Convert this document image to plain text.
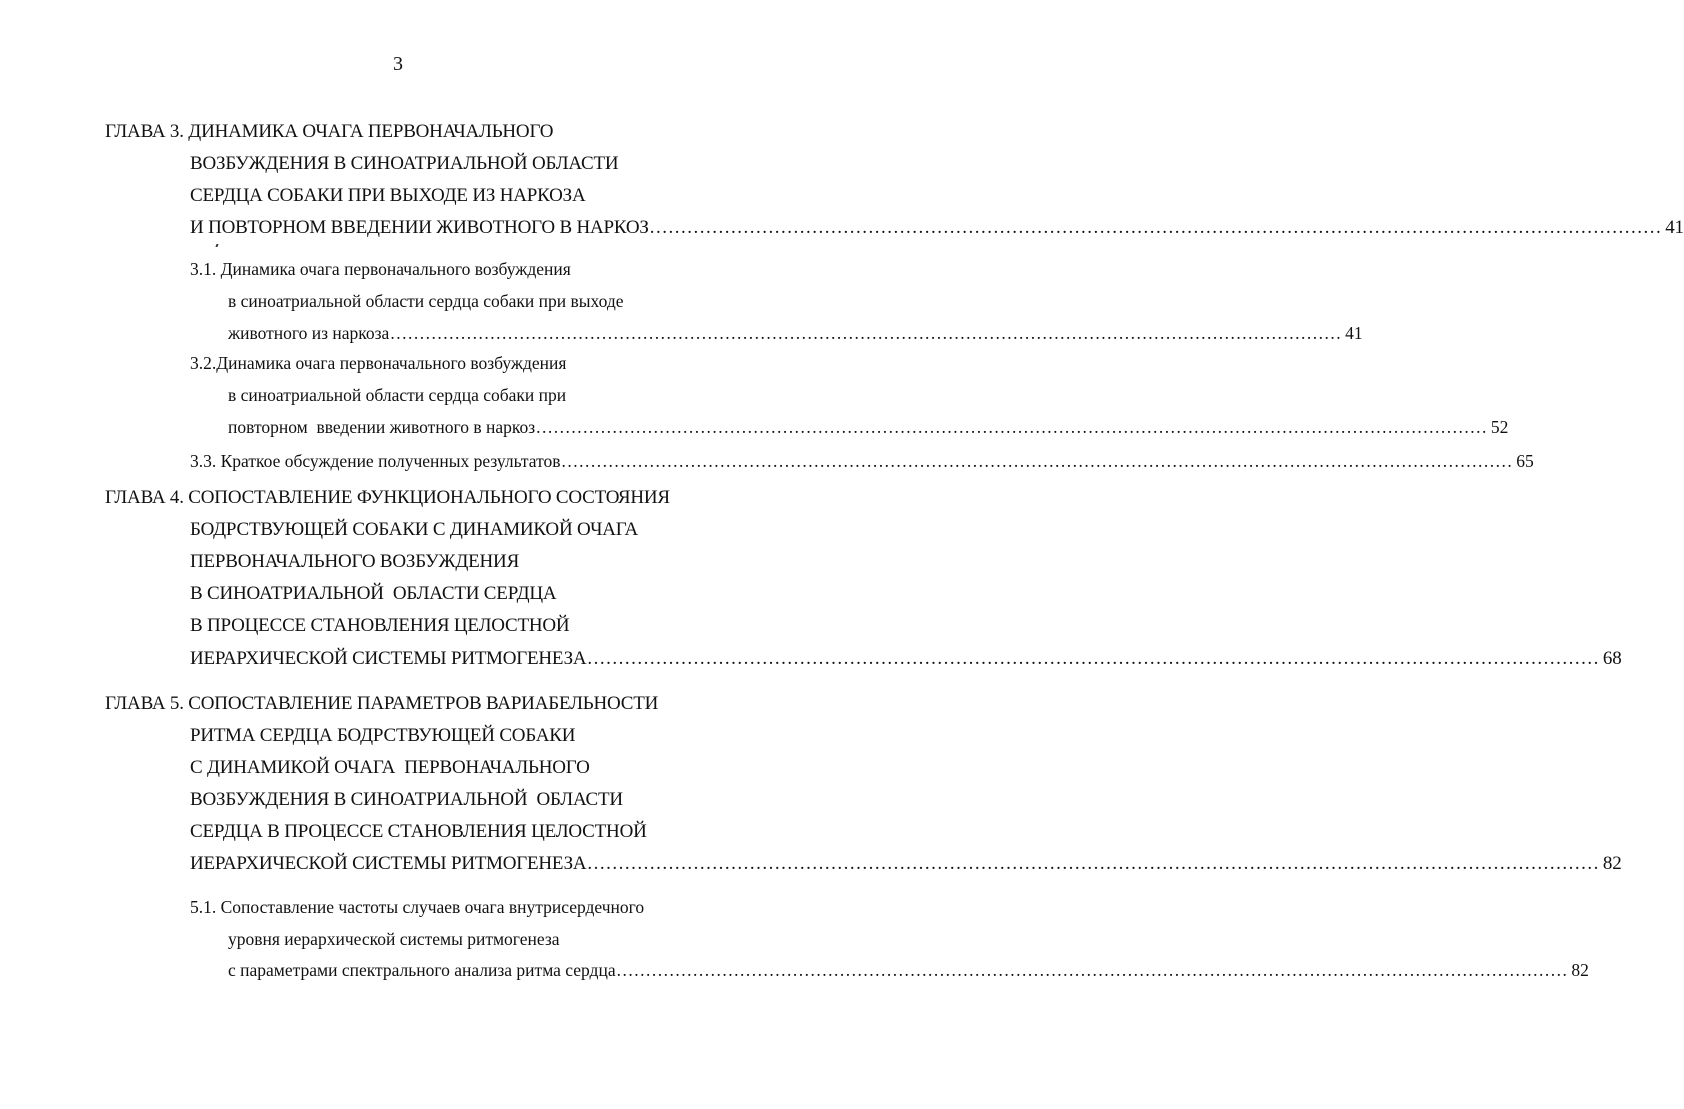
3
ГЛАВА 3. ДИНАМИКА ОЧАГА ПЕРВОНАЧАЛЬНОГО
ВОЗБУЖДЕНИЯ В СИНОАТРИАЛЬНОЙ ОБЛАСТИ
СЕРДЦА СОБАКИ ПРИ ВЫХОДЕ ИЗ НАРКОЗА
И ПОВТОРНОМ ВВЕДЕНИИ ЖИВОТНОГО В НАРКОЗ .................................................................................................................................................................. 41
3.1. Динамика очага первоначального возбуждения
в синоатриальной области сердца собаки при выходе
животного из наркоза .................................................................................................................................................................. 41
3.2.Динамика очага первоначального возбуждения
в синоатриальной области сердца собаки при
повторном  введении животного в наркоз .................................................................................................................................................................. 52
3.3. Краткое обсуждение полученных результатов .................................................................................................................................................................. 65
ГЛАВА 4. СОПОСТАВЛЕНИЕ ФУНКЦИОНАЛЬНОГО СОСТОЯНИЯ
БОДРСТВУЮЩЕЙ СОБАКИ С ДИНАМИКОЙ ОЧАГА
ПЕРВОНАЧАЛЬНОГО ВОЗБУЖДЕНИЯ
В СИНОАТРИАЛЬНОЙ  ОБЛАСТИ СЕРДЦА
В ПРОЦЕССЕ СТАНОВЛЕНИЯ ЦЕЛОСТНОЙ
ИЕРАРХИЧЕСКОЙ СИСТЕМЫ РИТМОГЕНЕЗА .................................................................................................................................................................. 68
ГЛАВА 5. СОПОСТАВЛЕНИЕ ПАРАМЕТРОВ ВАРИАБЕЛЬНОСТИ
РИТМА СЕРДЦА БОДРСТВУЮЩЕЙ СОБАКИ
С ДИНАМИКОЙ ОЧАГА  ПЕРВОНАЧАЛЬНОГО
ВОЗБУЖДЕНИЯ В СИНОАТРИАЛЬНОЙ  ОБЛАСТИ
СЕРДЦА В ПРОЦЕССЕ СТАНОВЛЕНИЯ ЦЕЛОСТНОЙ
ИЕРАРХИЧЕСКОЙ СИСТЕМЫ РИТМОГЕНЕЗА .................................................................................................................................................................. 82
5.1. Сопоставление частоты случаев очага внутрисердечного
уровня иерархической системы ритмогенеза
с параметрами спектрального анализа ритма сердца .................................................................................................................................................................. 82
